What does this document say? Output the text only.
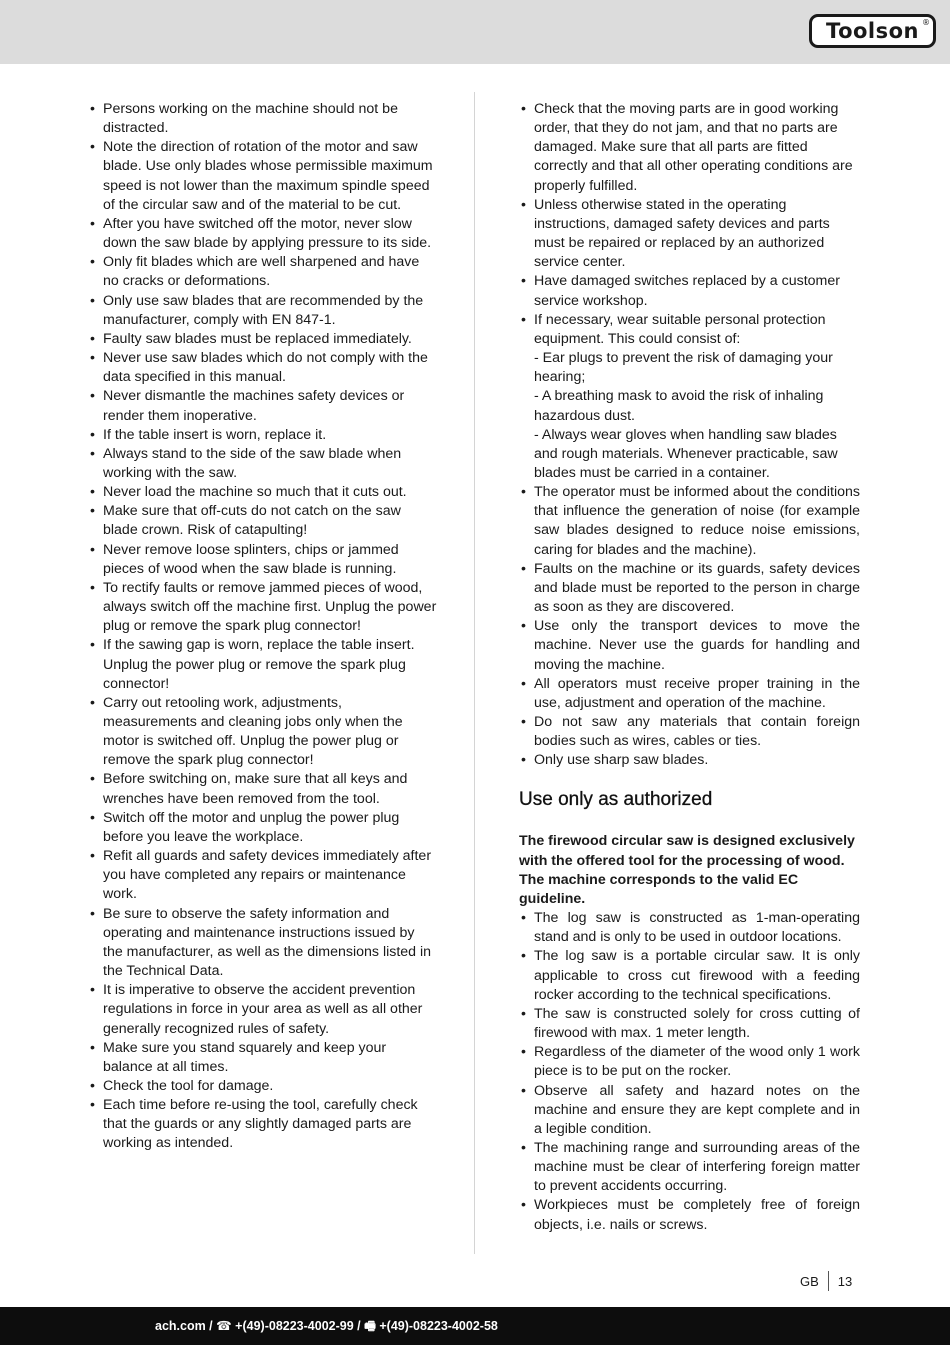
Toolson ®
• Persons working on the machine should not be distracted.
• Note the direction of rotation of the motor and saw blade. Use only blades whose permissible maximum speed is not lower than the maximum spindle speed of the circular saw and of the material to be cut.
• After you have switched off the motor, never slow down the saw blade by applying pressure to its side.
• Only fit blades which are well sharpened and have no cracks or deformations.
• Only use saw blades that are recommended by the manufacturer, comply with EN 847-1.
• Faulty saw blades must be replaced immediately.
• Never use saw blades which do not comply with the data specified in this manual.
• Never dismantle the machines safety devices or render them inoperative.
• If the table insert is worn, replace it.
• Always stand to the side of the saw blade when working with the saw.
• Never load the machine so much that it cuts out.
• Make sure that off-cuts do not catch on the saw blade crown. Risk of catapulting!
• Never remove loose splinters, chips or jammed pieces of wood when the saw blade is running.
• To rectify faults or remove jammed pieces of wood, always switch off the machine first. Unplug the power plug or remove the spark plug connector!
• If the sawing gap is worn, replace the table insert. Unplug the power plug or remove the spark plug connector!
• Carry out retooling work, adjustments, measurements and cleaning jobs only when the motor is switched off. Unplug the power plug or remove the spark plug connector!
• Before switching on, make sure that all keys and wrenches have been removed from the tool.
• Switch off the motor and unplug the power plug before you leave the workplace.
• Refit all guards and safety devices immediately after you have completed any repairs or maintenance work.
• Be sure to observe the safety information and operating and maintenance instructions issued by the manufacturer, as well as the dimensions listed in the Technical Data.
• It is imperative to observe the accident prevention regulations in force in your area as well as all other generally recognized rules of safety.
• Make sure you stand squarely and keep your balance at all times.
• Check the tool for damage.
• Each time before re-using the tool, carefully check that the guards or any slightly damaged parts are working as intended.
• Check that the moving parts are in good working order, that they do not jam, and that no parts are damaged. Make sure that all parts are fitted correctly and that all other operating conditions are properly fulfilled.
• Unless otherwise stated in the operating instructions, damaged safety devices and parts must be repaired or replaced by an authorized service center.
• Have damaged switches replaced by a customer service workshop.
• If necessary, wear suitable personal protection equipment. This could consist of:
- Ear plugs to prevent the risk of damaging your hearing;
- A breathing mask to avoid the risk of inhaling hazardous dust.
- Always wear gloves when handling saw blades and rough materials. Whenever practicable, saw blades must be carried in a container.
• The operator must be informed about the conditions that influence the generation of noise (for example saw blades designed to reduce noise emissions, caring for blades and the machine).
• Faults on the machine or its guards, safety devices and blade must be reported to the person in charge as soon as they are discovered.
• Use only the transport devices to move the machine. Never use the guards for handling and moving the machine.
• All operators must receive proper training in the use, adjustment and operation of the machine.
• Do not saw any materials that contain foreign bodies such as wires, cables or ties.
• Only use sharp saw blades.
Use only as authorized

The firewood circular saw is designed exclusively with the offered tool for the processing of wood.

The machine corresponds to the valid EC guideline.

• The log saw is constructed as 1-man-operating stand and is only to be used in outdoor locations.
• The log saw is a portable circular saw. It is only applicable to cross cut firewood with a feeding rocker according to the technical specifications.
• The saw is constructed solely for cross cutting of firewood with max. 1 meter length.
• Regardless of the diameter of the wood only 1 work piece is to be put on the rocker.
• Observe all safety and hazard notes on the machine and ensure they are kept complete and in a legible condition.
• The machining range and surrounding areas of the machine must be clear of interfering foreign matter to prevent accidents occurring.
• Workpieces must be completely free of foreign objects, i.e. nails or screws.
GB 13
ach.com / ☎ +(49)-08223-4002-99 / 🖷 +(49)-08223-4002-58
